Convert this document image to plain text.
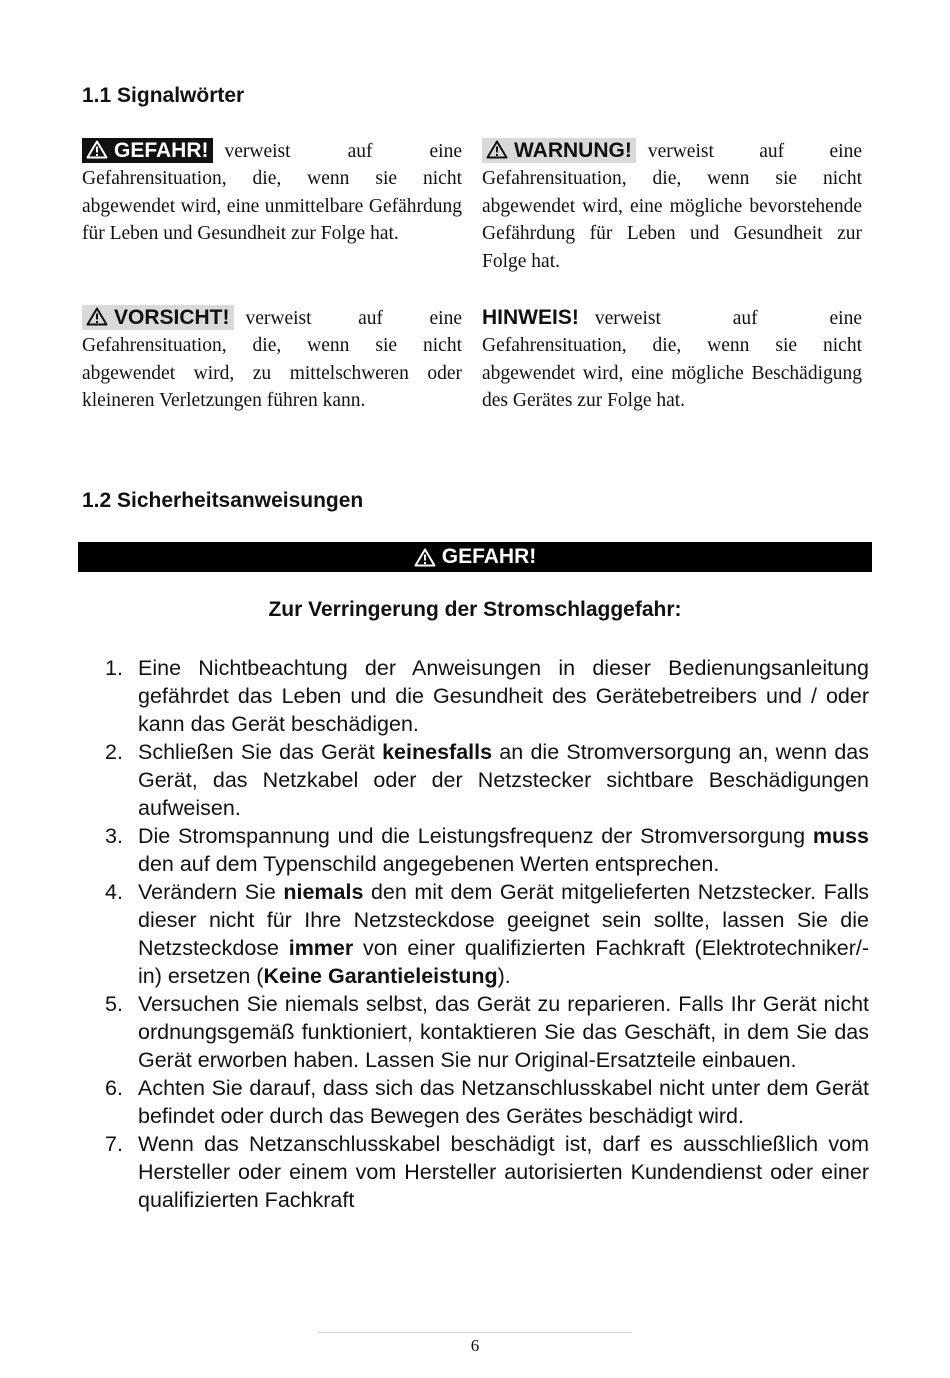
1.1 Signalwörter
GEFAHR! verweist auf eine Gefahrensituation, die, wenn sie nicht abgewendet wird, eine unmittelbare Gefährdung für Leben und Gesundheit zur Folge hat.
WARNUNG! verweist auf eine Gefahrensituation, die, wenn sie nicht abgewendet wird, eine mögliche bevorstehende Gefährdung für Leben und Gesundheit zur Folge hat.
VORSICHT! verweist auf eine Gefahrensituation, die, wenn sie nicht abgewendet wird, zu mittelschweren oder kleineren Verletzungen führen kann.
HINWEIS! verweist auf eine Gefahrensituation, die, wenn sie nicht abgewendet wird, eine mögliche Beschädigung des Gerätes zur Folge hat.
1.2 Sicherheitsanweisungen
GEFAHR!
Zur Verringerung der Stromschlaggefahr:
1. Eine Nichtbeachtung der Anweisungen in dieser Bedienungsanleitung gefährdet das Leben und die Gesundheit des Gerätebetreibers und / oder kann das Gerät beschädigen.
2. Schließen Sie das Gerät keinesfalls an die Stromversorgung an, wenn das Gerät, das Netzkabel oder der Netzstecker sichtbare Beschädigungen aufweisen.
3. Die Stromspannung und die Leistungsfrequenz der Stromversorgung muss den auf dem Typenschild angegebenen Werten entsprechen.
4. Verändern Sie niemals den mit dem Gerät mitgelieferten Netzstecker. Falls dieser nicht für Ihre Netzsteckdose geeignet sein sollte, lassen Sie die Netzsteckdose immer von einer qualifizierten Fachkraft (Elektrotechniker/-in) ersetzen (Keine Garantieleistung).
5. Versuchen Sie niemals selbst, das Gerät zu reparieren. Falls Ihr Gerät nicht ordnungsgemäß funktioniert, kontaktieren Sie das Geschäft, in dem Sie das Gerät erworben haben. Lassen Sie nur Original-Ersatzteile einbauen.
6. Achten Sie darauf, dass sich das Netzanschlusskabel nicht unter dem Gerät befindet oder durch das Bewegen des Gerätes beschädigt wird.
7. Wenn das Netzanschlusskabel beschädigt ist, darf es ausschließlich vom Hersteller oder einem vom Hersteller autorisierten Kundendienst oder einer qualifizierten Fachkraft
6
